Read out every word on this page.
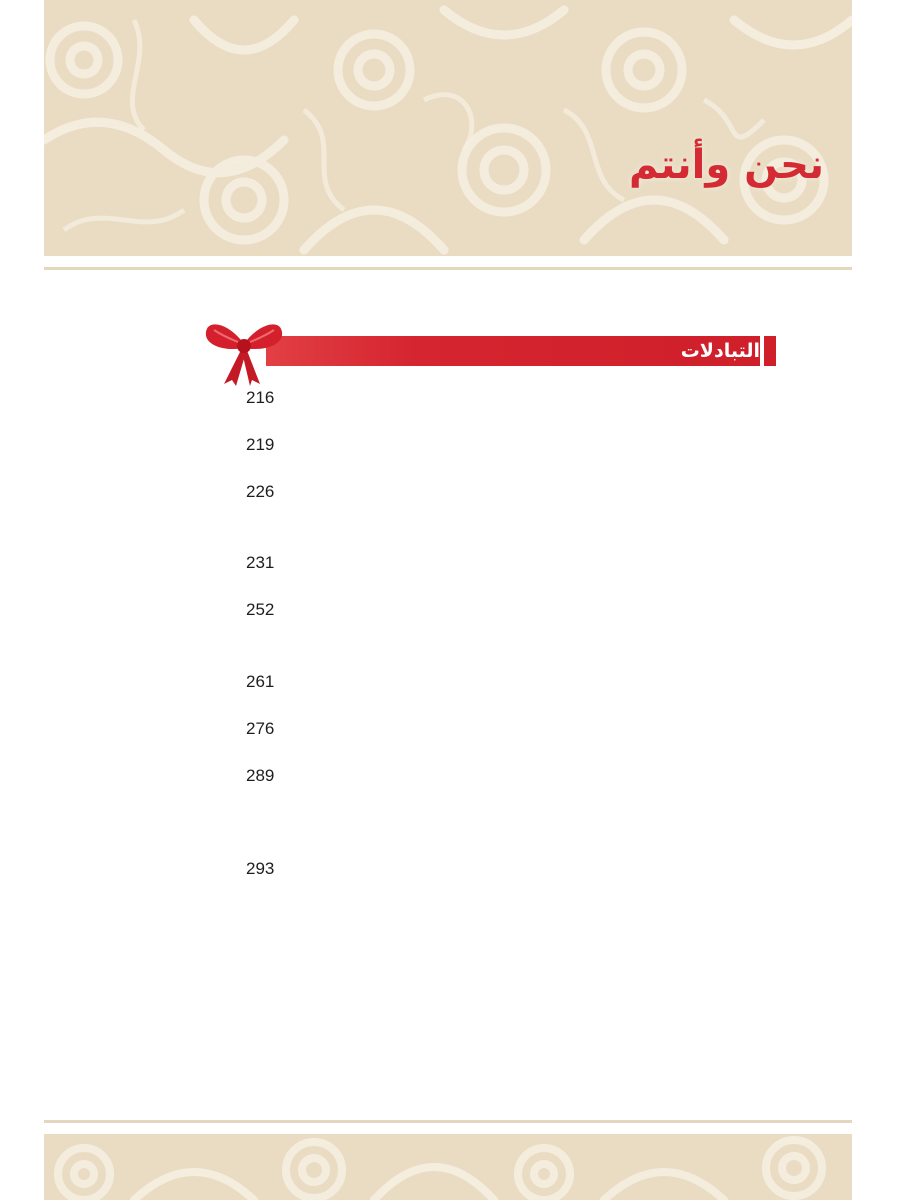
نحن وأنتم
التبادلات
216
219
226
231
252
261
276
289
293
